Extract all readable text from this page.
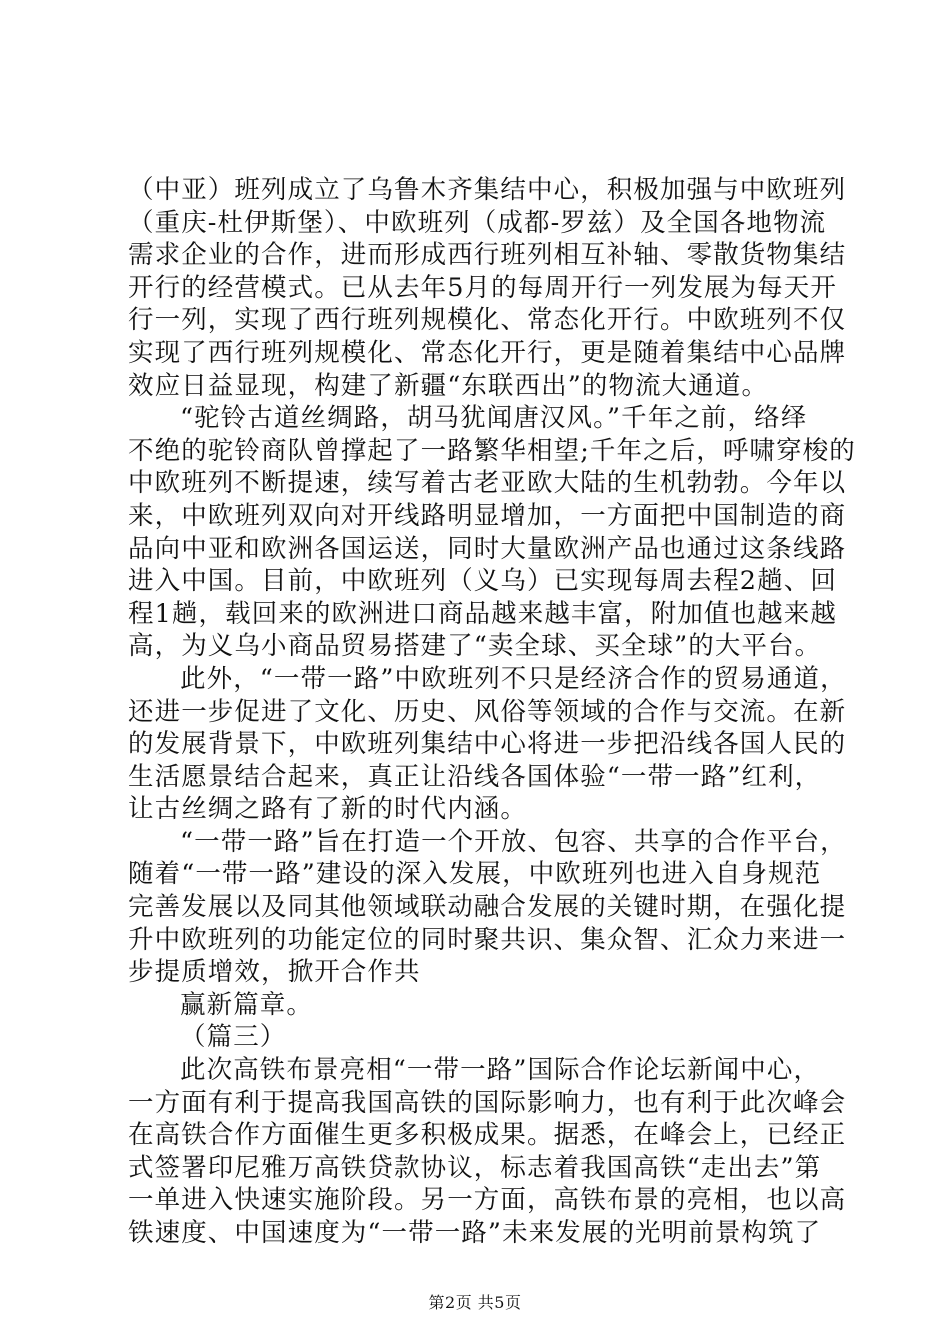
（中亚）班列成立了乌鲁木齐集结中心，积极加强与中欧班列
（重庆-杜伊斯堡）、中欧班列（成都-罗兹）及全国各地物流
需求企业的合作，进而形成西行班列相互补轴、零散货物集结
开行的经营模式。已从去年5月的每周开行一列发展为每天开
行一列，实现了西行班列规模化、常态化开行。中欧班列不仅
实现了西行班列规模化、常态化开行，更是随着集结中心品牌
效应日益显现，构建了新疆“东联西出”的物流大通道。
“驼铃古道丝绸路，胡马犹闻唐汉风。”千年之前，络绎
不绝的驼铃商队曾撑起了一路繁华相望;千年之后，呼啸穿梭的
中欧班列不断提速，续写着古老亚欧大陆的生机勃勃。今年以
来，中欧班列双向对开线路明显增加，一方面把中国制造的商
品向中亚和欧洲各国运送，同时大量欧洲产品也通过这条线路
进入中国。目前，中欧班列（义乌）已实现每周去程2趟、回
程1趟，载回来的欧洲进口商品越来越丰富，附加值也越来越
高，为义乌小商品贸易搭建了“卖全球、买全球”的大平台。
此外，“一带一路”中欧班列不只是经济合作的贸易通道，
还进一步促进了文化、历史、风俗等领域的合作与交流。在新
的发展背景下，中欧班列集结中心将进一步把沿线各国人民的
生活愿景结合起来，真正让沿线各国体验“一带一路”红利，
让古丝绸之路有了新的时代内涵。
“一带一路”旨在打造一个开放、包容、共享的合作平台，
随着“一带一路”建设的深入发展，中欧班列也进入自身规范
完善发展以及同其他领域联动融合发展的关键时期，在强化提
升中欧班列的功能定位的同时聚共识、集众智、汇众力来进一
步提质增效，掀开合作共
赢新篇章。
（篇三）
此次高铁布景亮相“一带一路”国际合作论坛新闻中心，
一方面有利于提高我国高铁的国际影响力，也有利于此次峰会
在高铁合作方面催生更多积极成果。据悉，在峰会上，已经正
式签署印尼雅万高铁贷款协议，标志着我国高铁“走出去”第
一单进入快速实施阶段。另一方面，高铁布景的亮相，也以高
铁速度、中国速度为“一带一路”未来发展的光明前景构筑了
第2页 共5页
